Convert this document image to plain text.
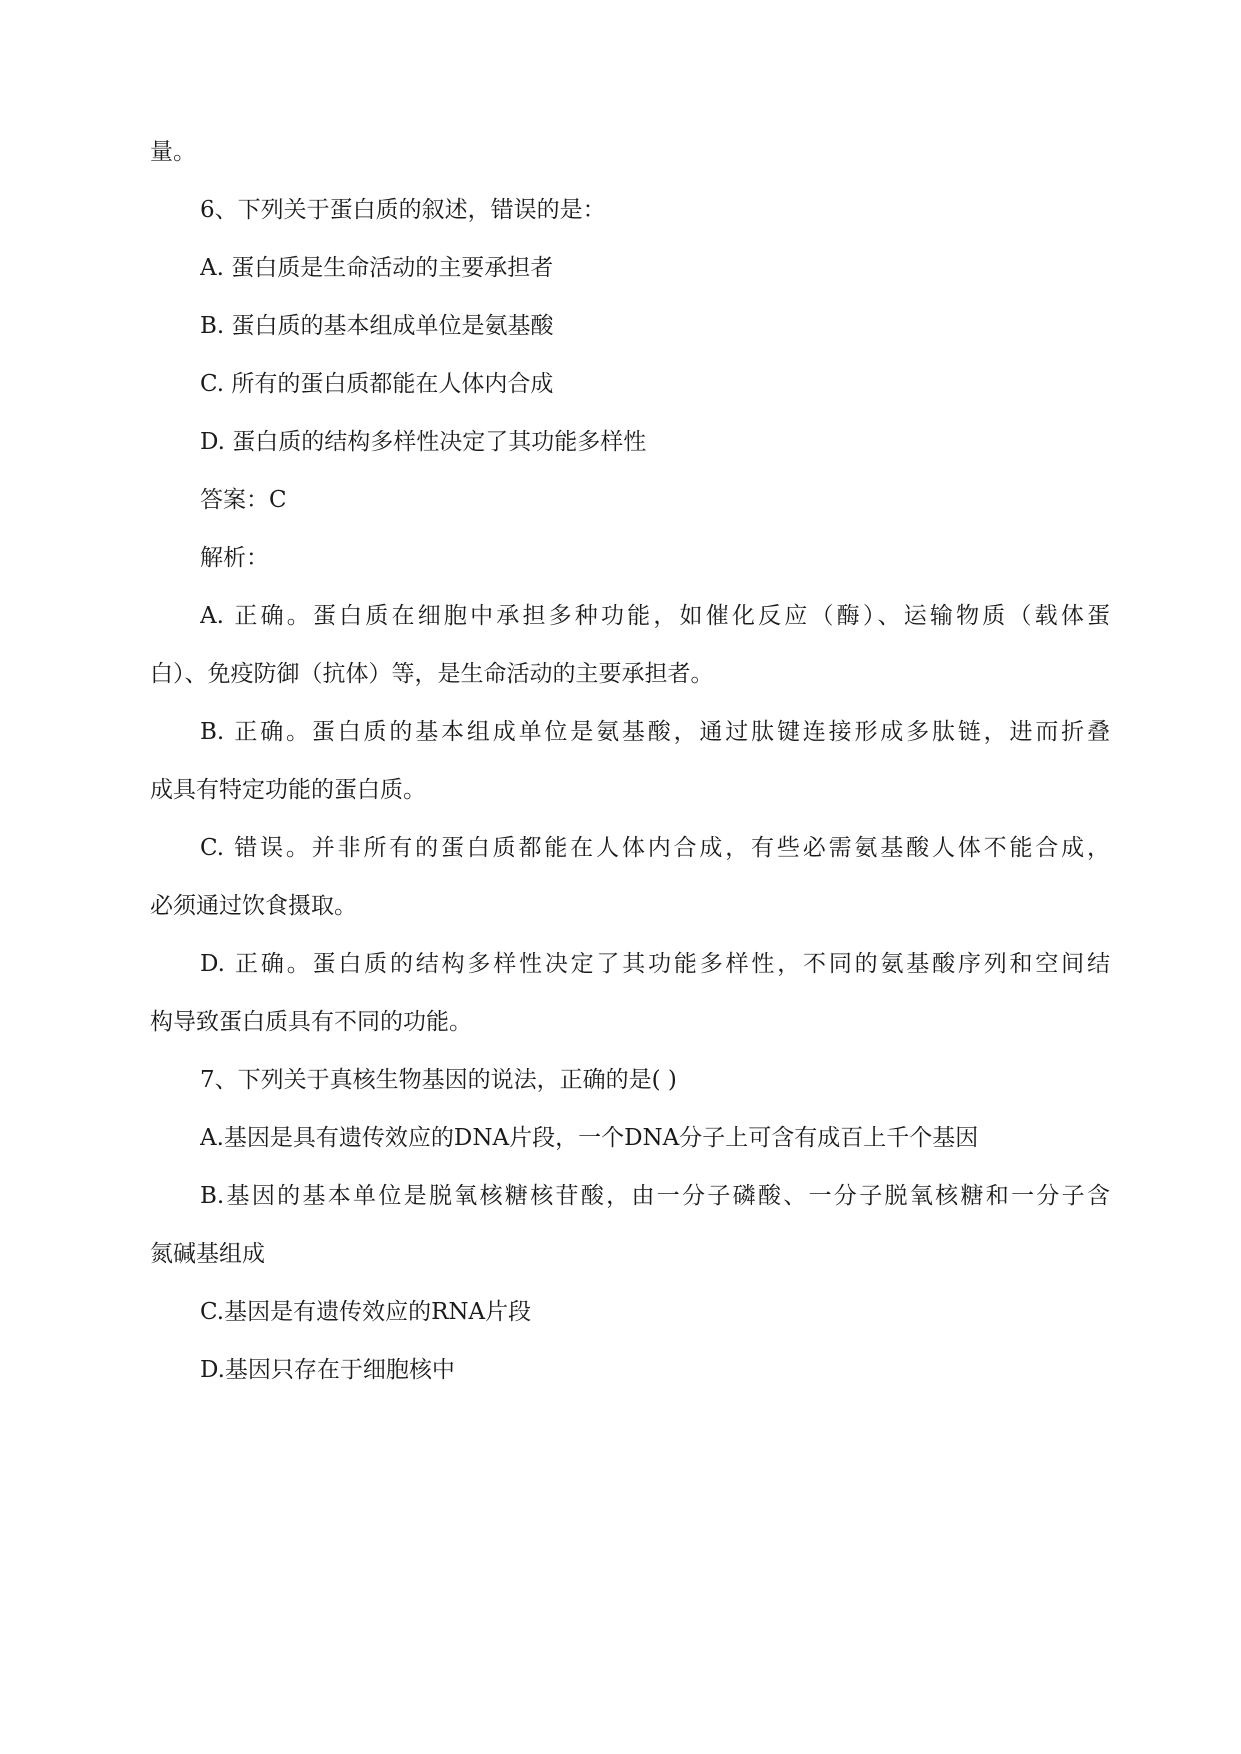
量。
6、下列关于蛋白质的叙述，错误的是：
A. 蛋白质是生命活动的主要承担者
B. 蛋白质的基本组成单位是氨基酸
C. 所有的蛋白质都能在人体内合成
D. 蛋白质的结构多样性决定了其功能多样性
答案：C
解析：
A. 正确。蛋白质在细胞中承担多种功能，如催化反应（酶）、运输物质（载体蛋
白）、免疫防御（抗体）等，是生命活动的主要承担者。
B. 正确。蛋白质的基本组成单位是氨基酸，通过肽键连接形成多肽链，进而折叠
成具有特定功能的蛋白质。
C. 错误。并非所有的蛋白质都能在人体内合成，有些必需氨基酸人体不能合成，
必须通过饮食摄取。
D. 正确。蛋白质的结构多样性决定了其功能多样性，不同的氨基酸序列和空间结
构导致蛋白质具有不同的功能。
7、下列关于真核生物基因的说法，正确的是( )
A.基因是具有遗传效应的DNA片段，一个DNA分子上可含有成百上千个基因
B.基因的基本单位是脱氧核糖核苷酸，由一分子磷酸、一分子脱氧核糖和一分子含
氮碱基组成
C.基因是有遗传效应的RNA片段
D.基因只存在于细胞核中
